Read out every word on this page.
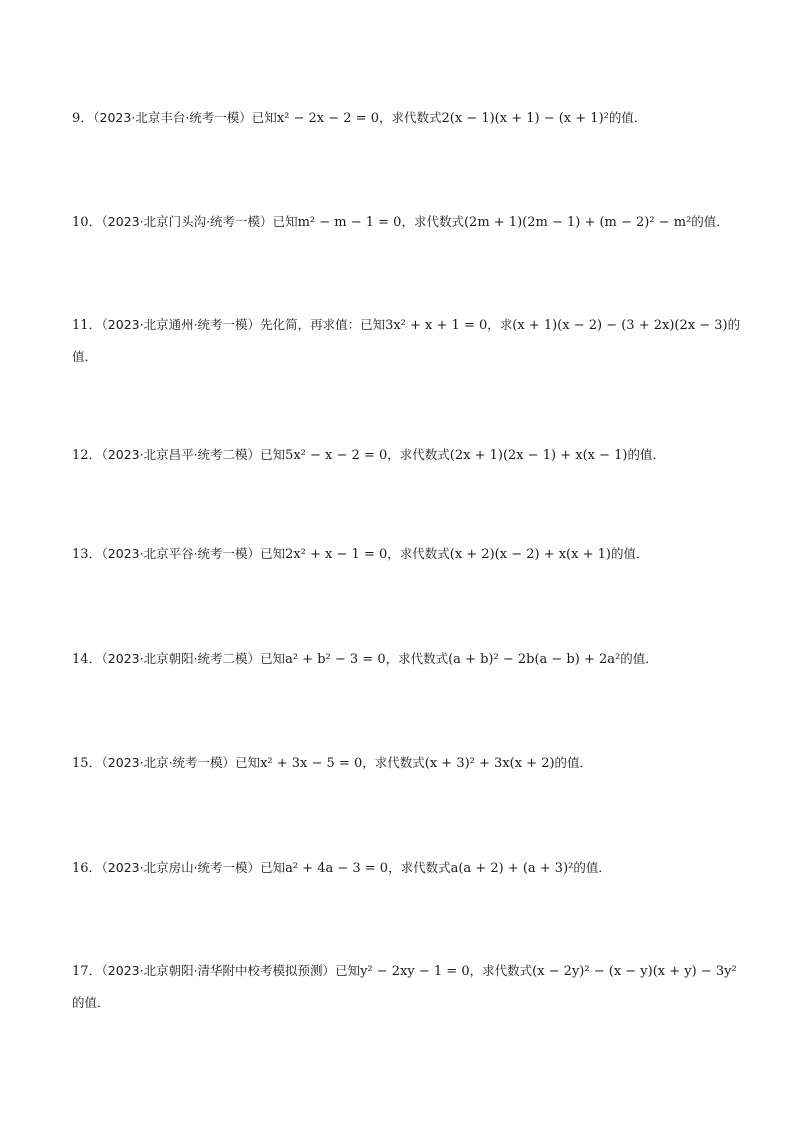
9．（2023·北京丰台·统考一模）已知x² − 2x − 2 = 0，求代数式2(x − 1)(x + 1) − (x + 1)²的值．
10．（2023·北京门头沟·统考一模）已知m² − m − 1 = 0，求代数式(2m + 1)(2m − 1) + (m − 2)² − m²的值．
11．（2023·北京通州·统考一模）先化简，再求值：已知3x² + x + 1 = 0，求(x + 1)(x − 2) − (3 + 2x)(2x − 3)的
值．
12．（2023·北京昌平·统考二模）已知5x² − x − 2 = 0，求代数式(2x + 1)(2x − 1) + x(x − 1)的值．
13．（2023·北京平谷·统考一模）已知2x² + x − 1 = 0，求代数式(x + 2)(x − 2) + x(x + 1)的值．
14．（2023·北京朝阳·统考二模）已知a² + b² − 3 = 0，求代数式(a + b)² − 2b(a − b) + 2a²的值．
15．（2023·北京·统考一模）已知x² + 3x − 5 = 0，求代数式(x + 3)² + 3x(x + 2)的值．
16．（2023·北京房山·统考一模）已知a² + 4a − 3 = 0，求代数式a(a + 2) + (a + 3)²的值．
17．（2023·北京朝阳·清华附中校考模拟预测）已知y² − 2xy − 1 = 0，求代数式(x − 2y)² − (x − y)(x + y) − 3y²
的值．
